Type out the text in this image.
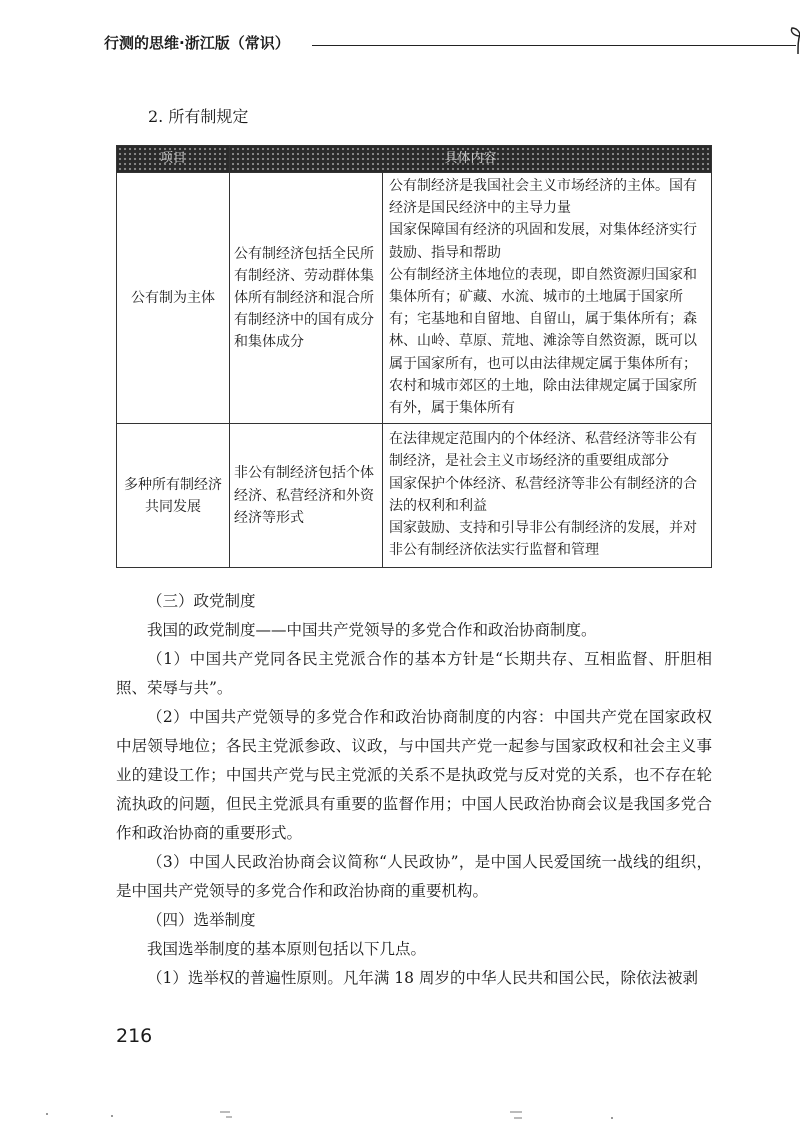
行测的思维·浙江版（常识）
2. 所有制规定
项目	具体内容	
公有制为主体	公有制经济包括全民所有制经济、劳动群体集体所有制经济和混合所有制经济中的国有成分和集体成分	公有制经济是我国社会主义市场经济的主体。国有经济是国民经济中的主导力量
国家保障国有经济的巩固和发展，对集体经济实行鼓励、指导和帮助
公有制经济主体地位的表现，即自然资源归国家和集体所有；矿藏、水流、城市的土地属于国家所有；宅基地和自留地、自留山，属于集体所有；森林、山岭、草原、荒地、滩涂等自然资源，既可以属于国家所有，也可以由法律规定属于集体所有；农村和城市郊区的土地，除由法律规定属于国家所有外，属于集体所有

多种所有制经济共同发展	非公有制经济包括个体经济、私营经济和外资经济等形式	在法律规定范围内的个体经济、私营经济等非公有制经济，是社会主义市场经济的重要组成部分
国家保护个体经济、私营经济等非公有制经济的合法的权利和利益
国家鼓励、支持和引导非公有制经济的发展，并对非公有制经济依法实行监督和管理

（三）政党制度

我国的政党制度——中国共产党领导的多党合作和政治协商制度。

（1）中国共产党同各民主党派合作的基本方针是“长期共存、互相监督、肝胆相照、荣辱与共”。

（2）中国共产党领导的多党合作和政治协商制度的内容：中国共产党在国家政权中居领导地位；各民主党派参政、议政，与中国共产党一起参与国家政权和社会主义事业的建设工作；中国共产党与民主党派的关系不是执政党与反对党的关系，也不存在轮流执政的问题，但民主党派具有重要的监督作用；中国人民政治协商会议是我国多党合作和政治协商的重要形式。

（3）中国人民政治协商会议简称“人民政协”，是中国人民爱国统一战线的组织，是中国共产党领导的多党合作和政治协商的重要机构。

（四）选举制度

我国选举制度的基本原则包括以下几点。

（1）选举权的普遍性原则。凡年满 18 周岁的中华人民共和国公民，除依法被剥

216
